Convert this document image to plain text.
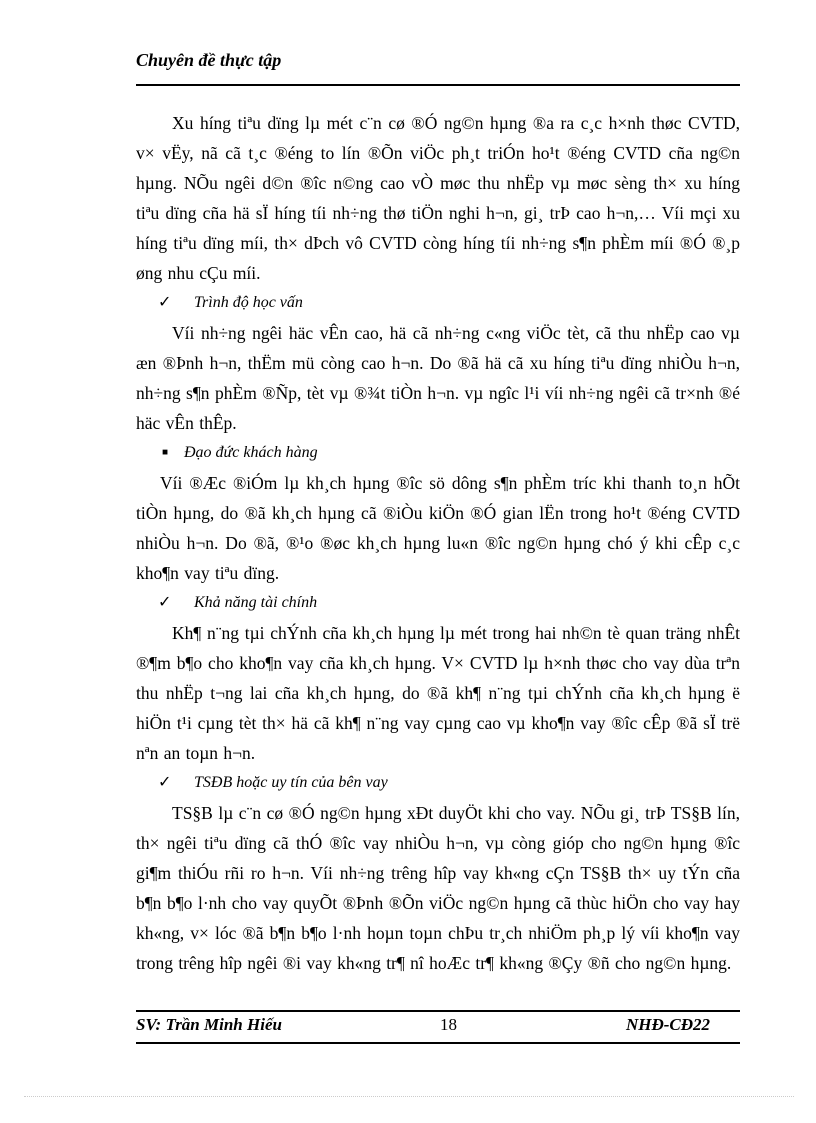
Chuyên đề thực tập

Xu híng tiªu dïng lµ mét c¨n cø ®Ó ng©n hµng ®a ra c¸c h×nh thøc CVTD, v× vËy, nã cã t¸c ®éng to lín ®Õn viÖc ph¸t triÓn ho¹t ®éng CVTD cña ng©n hµng. NÕu ngêi d©n ®îc n©ng cao vÒ møc thu nhËp vµ møc sèng th× xu híng tiªu dïng cña hä sÏ híng tíi nh÷ng thø tiÖn nghi h¬n, gi¸ trÞ cao h¬n,… Víi mçi xu híng tiªu dïng míi, th× dÞch vô CVTD còng híng tíi nh÷ng s¶n phÈm míi ®Ó ®¸p øng nhu cÇu míi.

✓ Trình độ học vấn

Víi nh÷ng ngêi häc vÊn cao, hä cã nh÷ng c«ng viÖc tèt, cã thu nhËp cao vµ æn ®Þnh h¬n, thËm mü còng cao h¬n. Do ®ã hä cã xu híng tiªu dïng nhiÒu h¬n, nh÷ng s¶n phÈm ®Ñp, tèt vµ ®¾t tiÒn h¬n. vµ ngîc l¹i víi nh÷ng ngêi cã tr×nh ®é häc vÊn thÊp.

■ Đạo đức khách hàng

Víi ®Æc ®iÓm lµ kh¸ch hµng ®îc sö dông s¶n phÈm tríc khi thanh to¸n hÕt tiÒn hµng, do ®ã kh¸ch hµng cã ®iÒu kiÖn ®Ó gian lËn trong ho¹t ®éng CVTD nhiÒu h¬n. Do ®ã, ®¹o ®øc kh¸ch hµng lu«n ®îc ng©n hµng chó ý khi cÊp c¸c kho¶n vay tiªu dïng.

✓ Khả năng tài chính

Kh¶ n¨ng tµi chÝnh cña kh¸ch hµng lµ mét trong hai nh©n tè quan träng nhÊt ®¶m b¶o cho kho¶n vay cña kh¸ch hµng. V× CVTD lµ h×nh thøc cho vay dùa trªn thu nhËp t¬ng lai cña kh¸ch hµng, do ®ã kh¶ n¨ng tµi chÝnh cña kh¸ch hµng ë hiÖn t¹i cµng tèt th× hä cã kh¶ n¨ng vay cµng cao vµ kho¶n vay ®îc cÊp ®ã sÏ trë nªn an toµn h¬n.

✓ TSĐB hoặc uy tín của bên vay

TS§B lµ c¨n cø ®Ó ng©n hµng xÐt duyÖt khi cho vay. NÕu gi¸ trÞ TS§B lín, th× ngêi tiªu dïng cã thÓ ®îc vay nhiÒu h¬n, vµ còng gióp cho ng©n hµng ®îc gi¶m thiÓu rñi ro h¬n. Víi nh÷ng trêng hîp vay kh«ng cÇn TS§B th× uy tÝn cña b¶n b¶o l·nh cho vay quyÕt ®Þnh ®Õn viÖc ng©n hµng cã thùc hiÖn cho vay hay kh«ng, v× lóc ®ã b¶n b¶o l·nh hoµn toµn chÞu tr¸ch nhiÖm ph¸p lý víi kho¶n vay trong trêng hîp ngêi ®i vay kh«ng tr¶ nî hoÆc tr¶ kh«ng ®Çy ®ñ cho ng©n hµng.

SV: Trần Minh Hiếu	18	NHĐ-CĐ22
